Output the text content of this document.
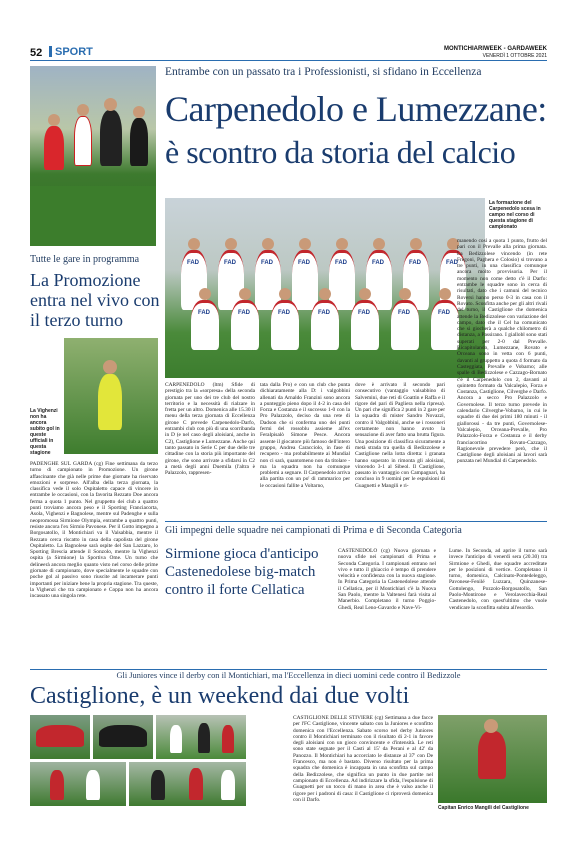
52 SPORT	MONTICHIARIWEEK - GARDAWEEK
VENERDÌ 1 OTTOBRE 2021
Entrambe con un passato tra i Professionisti, si sfidano in Eccellenza
Carpenedolo e Lumezzane:
è scontro da storia del calcio
FAD	FAD	FAD	FAD	FAD	FAD	FAD	FAD
FAD	FAD	FAD	FAD	FAD	FAD	FAD
La formazione del Carpenedolo scesa in campo nel corso di questa stagione di campionato
Tutte le gare in programma
La Promozione entra nel vivo con il terzo turno
La Vighenzi non ha ancora subito gol in queste ufficiali in questa stagione
PADENGHE SUL GARDA (cg) Fine settimana da terzo turno di campionato in Promozione. Un girone affascinante che già nelle prime due giornate ha riservato emozioni e sorprese. All'alba della terza giornata, la classifica vede il solo Ospitaletto capace di vincere in entrambe le occasioni, con la favorita Rezzato Doe ancora ferma a quota 1 punto. Nel gruppetto dei club a quattro punti troviamo ancora peso e il Sporting Franciacorta, Asola, Vighenzi e Bagnolese, mentre sul Padenghe e sulla neopromossa Sirmione Olympia, entrambe a quattro punti, resiste ancora l'ex Sirmio Pavonese. Per il Gotto impegno a Borgosatollo, il Montichiari va il Valsabbia, mentre il Rezzato cerca riscatto in casa della capolista del girone Ospitaletto. La Bagnolese sarà ospite del San Lazzaro, lo Sporting Brescia attende il Sonzolo, mentre la Vighenzi ospita (a Sirmione) la Sportiva Ome. Un turno che delineerà ancora meglio quanto visto nel corso delle prime giornate di campionato, dove specialmente le squadre con poche gol al passivo sono riuscite ad incamerare punti importanti per iniziare bene la propria stagione. Tra queste, la Vighenzi che tra campionato e Coppa non ha ancora incassato una singola rete.
CARPENEDOLO (ltm) Sfide di prestigio tra la «sorpresa» della seconda giornata per uno dei tre club del nostro territorio e la necessità di rialzare in fretta per un altro. Domenica alle 15.30 il menu della terza giornata di Eccellenza girone C prevede Carpenedolo-Darfo, entrambi club con più di una scorribanda in D (e nel caso degli aloisiani, anche in C2), Castiglione e Lumezzane. Anche qui tanto passato in Serie C per due delle tre cittadine con la storia più importante del girone, che sono arrivate a sfidarsi in C2 a metà degli anni Duemila (l'altra è Palazzolo, rappresen-
tata dalla Pro) e con un club che punta dichiaratamente alla D: i valgobbini allenati da Arnaldo Franzini sono ancora a punteggio pieno dopo il 4-2 in casa del Forza e Costanza e il successo 1-0 con la Pro Palazzolo, deciso da una rete di Dadson che si conferma uno dei punti fermi del rossoblu assieme all'ex Feralpisalò Simone Pesce. Ancora assente il giocatore più famoso dell'intero gruppo, Andrea Caracciolo, in fase di recupero - ma probabilmente ai Mundial non ci sarà, quantomeno non da titolare - ma la squadra non ha comunque problemi a segnare. Il Carpenedolo arriva alla partita con un po' di rammarico per le occasioni fallite a Voltarno,
dove è arrivato il secondo pari consecutivo (vantaggio valsabbino di Salvemini, due reti di Goattin e Raffa e il rigore del pari di Pagliera nella ripresa). Un pari che significa 2 punti in 2 gare per la squadra di mister Sandro Novazzi, contro il Valgobbini, anche se i rossoneri certamente non hanno avuto la sensazione di aver fatto una brutta figura. Una posizione di classifica sicuramente a metà strada tra quella di Bedizzolese e Castiglione nella lotta diretta: i granata hanno superato in rimonta gli aloisiani, vincendo 3-1 al Sibeol. Il Castiglione, passato in vantaggio con Campagnari, ha concluso in 9 uomini per le espulsioni di Guagnetti e Mangili e ri-
manendo così a quota 1 punto, frutto del pari con il Prevalle alla prima giornata. La Bedizzolese vincendo (in rete Fregoni, Paghera e Colosio) si trovano a tre punti, in una classifica comunque ancora molto provvisoria. Per il momento non come detto c'è il Darfo: entrambe le squadre sono in cerca di risultati, dato che i camuni del tecnico Roversi hanno perso 0-3 in casa con il Rovato. Sconfitta anche per gli altri rivali del turno, il Castiglione che domenica attende la Bedizzolese con variazione del campo, dato che il Cel ha comunicato che si giocherà a qualche chilometro di distanza, a Passirano. I giallobl sono stati superati per 2-0 dal Prevalle. Ricapitolando, Lumezzane, Rovato e Orceana sono in vetta con 6 punti, davanti al gruppetto a quota 4 formato da Casteggiata, Prevalle e Vobarno; alle spalle di Bedizzolese e Cazzago-Bornato c'è il Carpenedolo con 2, davanti al quintetto formato da Valcalepio, Forza e Costanza, Castiglione, Cilverghe e Darfo. Ancora a secco Pro Palazzolo e Governolese. Il terzo turno prevede in calendario Cilverghe-Vobarno, in cui le squadre di due dei primi 180 minuti - il giallorossi - da tre punti, Governolese-Valcalepio, Orceana-Prevalle, Pro Palazzolo-Forza e Costanza e il derby franciacortino Rovato-Cazzago, Ragionevole prevedere però, che il Castiglione degli aloisiani ai lavori sarà punzata nel Mundial di Carpenedolo.
Gli impegni delle squadre nei campionati di Prima e di Seconda Categoria
Sirmione gioca d'anticipo Castenedolese big-match contro il forte Cellatica
CASTENEDOLO (cg) Nuova giornata e nuova sfide nei campionati di Prima e Seconda Categoria. I campionati entrano nel vivo e tutto il ghiaccio è tempo di prendere velocità e confidenza con la nuova stagione. In Prima Categoria la Castenedolese attende il Cellatica, per il Montichiari c'è la Nuova San Paolo, mentre la Valtenesi farà visita al Manerbio. Completano il turno Poggio-Ghedi, Real Leno-Gavardo e Nave-Vi-
Lume. In Seconda, ad aprire il turno sarà invece l'anticipo di venerdì sera (20.30) tra Sirmione e Ghedi, due squadre accreditate per le posizioni di vertice. Completano il turno, domenica, Calcinato-Pontedeleggo, Pavonese-Fenilé Luzzara, Quinzanese-Gottolengo, Pozzolo-Borgosatollo, San Paolo-Montirone e Verolavecchia-Real Castenedolo, con quest'ultimo che vuole vendicare la sconfitta subita all'esordio.
Gli Juniores vince il derby con il Montichiari, ma l'Eccellenza in dieci uomini cede contro il Bedizzole
Castiglione, è un weekend dai due volti
CASTIGLIONE DELLE STIVIERE (cg) Settimana a due facce per l'FC Castiglione, vincente sabato con la Juniores e sconfitto domenica con l'Eccellenza. Sabato scorso nel derby Juniores contro il Montichiari terminato con il risultato di 2-1 in favore degli aloisiani con un gioco convincente e d'intensità. Le reti sono state segnate per il Casti al 15' da Perani e al 42' da Panozzo. Il Montichiari ha accorciato le distanze al 37' con De Francesco, ma non è bastato. Diverso risultato per la prima squadra che domenica è incappata in una sconfitta sul campo della Bedizzolese, che significa un punto in due partite nel campionato di Eccellenza. Ad indirizzare la sfida, l'espulsione di Guagnetti per un tocco di mano in area che è valso anche il rigore per i padroni di casa: il Castiglione ci riproverà domenica con il Darfo.
Capitan Enrico Mangili del Castiglione
